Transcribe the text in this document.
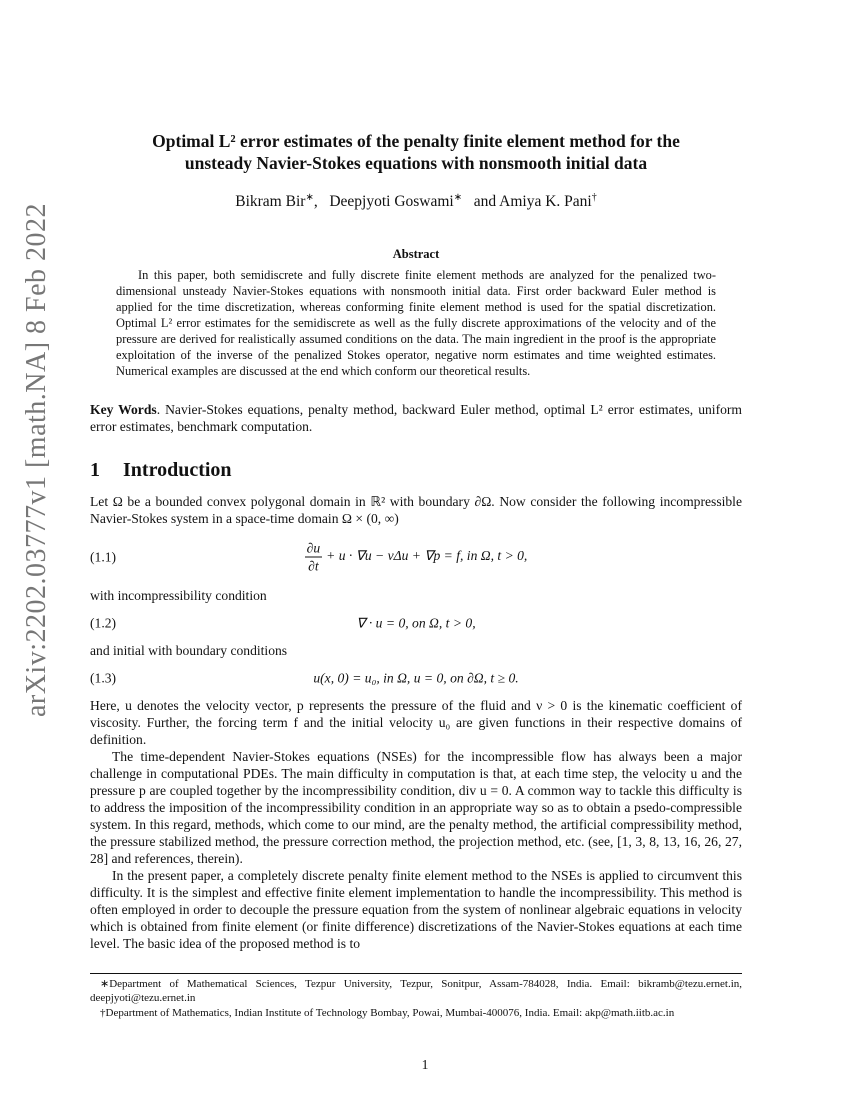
arXiv:2202.03777v1 [math.NA] 8 Feb 2022
Optimal L² error estimates of the penalty finite element method for the
unsteady Navier-Stokes equations with nonsmooth initial data
Bikram Bir∗,   Deepjyoti Goswami∗ and Amiya K. Pani†
Abstract
In this paper, both semidiscrete and fully discrete finite element methods are analyzed for the penalized two-dimensional unsteady Navier-Stokes equations with nonsmooth initial data. First order backward Euler method is applied for the time discretization, whereas conforming finite element method is used for the spatial discretization. Optimal L² error estimates for the semidiscrete as well as the fully discrete approximations of the velocity and of the pressure are derived for realistically assumed conditions on the data. The main ingredient in the proof is the appropriate exploitation of the inverse of the penalized Stokes operator, negative norm estimates and time weighted estimates. Numerical examples are discussed at the end which conform our theoretical results.
Key Words. Navier-Stokes equations, penalty method, backward Euler method, optimal L² error estimates, uniform error estimates, benchmark computation.
1 Introduction

Let Ω be a bounded convex polygonal domain in ℝ² with boundary ∂Ω. Now consider the following incompressible Navier-Stokes system in a space-time domain Ω × (0, ∞)

(1.1)	$\frac{\partial u}{\partial t} + u \cdot \nabla u - \nu\Delta u + \nabla p = f$, in Ω, t > 0,

with incompressibility condition

(1.2)	∇ · u = 0, on Ω, t > 0,

and initial with boundary conditions

(1.3)	u(x, 0) = u₀, in Ω, u = 0, on ∂Ω, t ≥ 0.

Here, u denotes the velocity vector, p represents the pressure of the fluid and ν > 0 is the kinematic coefficient of viscosity. Further, the forcing term f and the initial velocity u₀ are given functions in their respective domains of definition.

The time-dependent Navier-Stokes equations (NSEs) for the incompressible flow has always been a major challenge in computational PDEs. The main difficulty in computation is that, at each time step, the velocity u and the pressure p are coupled together by the incompressibility condition, div u = 0. A common way to tackle this difficulty is to address the imposition of the incompressibility condition in an appropriate way so as to obtain a psedo-compressible system. In this regard, methods, which come to our mind, are the penalty method, the artificial compressibility method, the pressure stabilized method, the pressure correction method, the projection method, etc. (see, [1, 3, 8, 13, 16, 26, 27, 28] and references, therein).

In the present paper, a completely discrete penalty finite element method to the NSEs is applied to circumvent this difficulty. It is the simplest and effective finite element implementation to handle the incompressibility. This method is often employed in order to decouple the pressure equation from the system of nonlinear algebraic equations in velocity which is obtained from finite element (or finite difference) discretizations of the Navier-Stokes equations at each time level. The basic idea of the proposed method is to

∗Department of Mathematical Sciences, Tezpur University, Tezpur, Sonitpur, Assam-784028, India. Email: bikramb@tezu.ernet.in, deepjyoti@tezu.ernet.in

†Department of Mathematics, Indian Institute of Technology Bombay, Powai, Mumbai-400076, India. Email: akp@math.iitb.ac.in

1
